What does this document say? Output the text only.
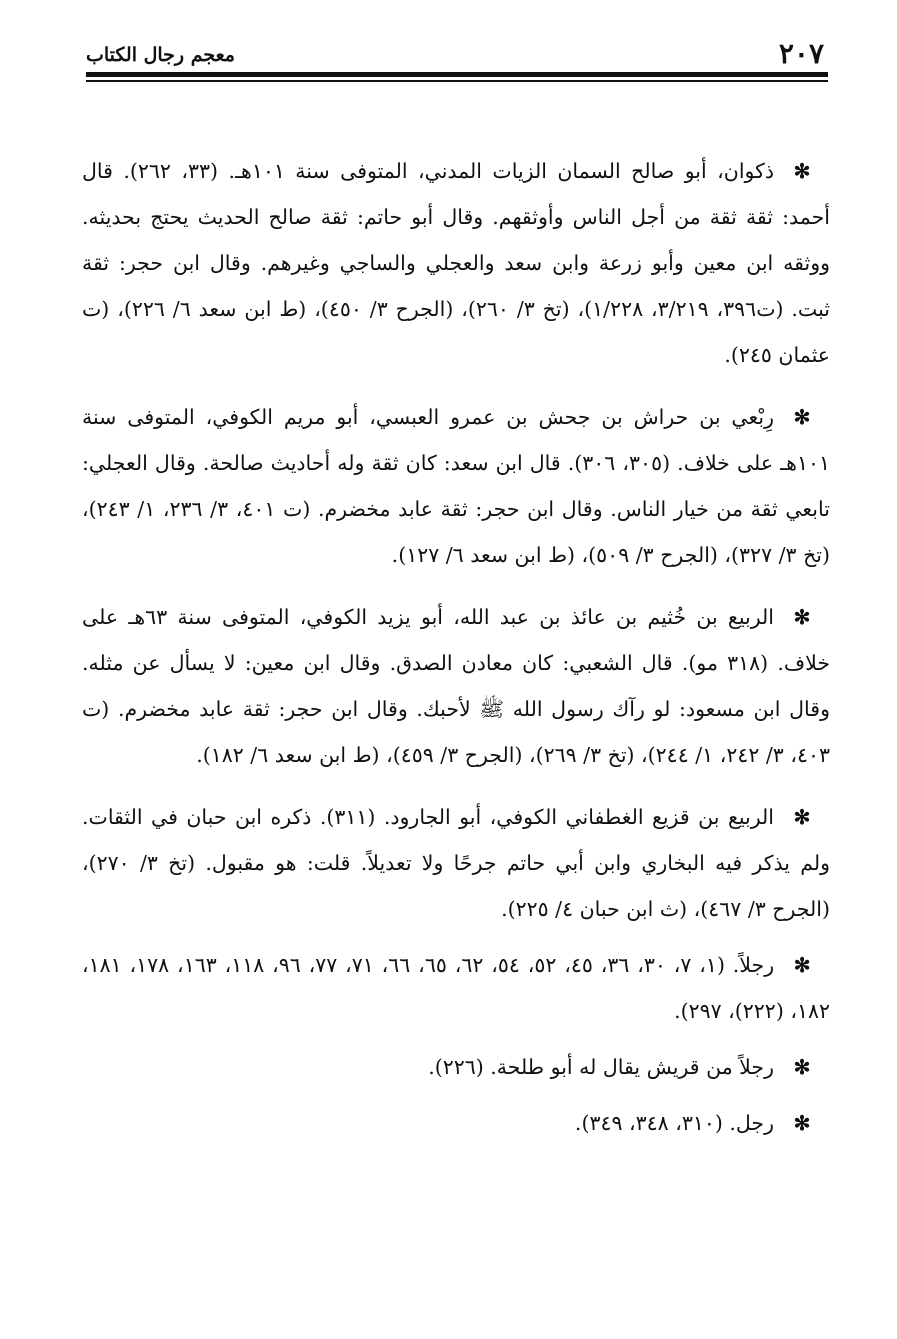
٢٠٧
معجم رجال الكتاب

✻ذكوان، أبو صالح السمان الزيات المدني، المتوفى سنة ١٠١هـ. (٣٣، ٢٦٢). قال أحمد: ثقة ثقة من أجل الناس وأوثقهم. وقال أبو حاتم: ثقة صالح الحديث يحتج بحديثه. ووثقه ابن معين وأبو زرعة وابن سعد والعجلي والساجي وغيرهم. وقال ابن حجر: ثقة ثبت. (ت٣٩٦، ٣/٢١٩، ١/٢٢٨)، (تخ ٣/ ٢٦٠)، (الجرح ٣/ ٤٥٠)، (ط ابن سعد ٦/ ٢٢٦)، (ت عثمان ٢٤٥).

✻رِبْعي بن حراش بن جحش بن عمرو العبسي، أبو مريم الكوفي، المتوفى سنة ١٠١هـ على خلاف. (٣٠٥، ٣٠٦). قال ابن سعد: كان ثقة وله أحاديث صالحة. وقال العجلي: تابعي ثقة من خيار الناس. وقال ابن حجر: ثقة عابد مخضرم. (ت ٤٠١، ٣/ ٢٣٦، ١/ ٢٤٣)، (تخ ٣/ ٣٢٧)، (الجرح ٣/ ٥٠٩)، (ط ابن سعد ٦/ ١٢٧).

✻الربيع بن خُثيم بن عائذ بن عبد الله، أبو يزيد الكوفي، المتوفى سنة ٦٣هـ على خلاف. (٣١٨ مو). قال الشعبي: كان معادن الصدق. وقال ابن معين: لا يسأل عن مثله. وقال ابن مسعود: لو رآك رسول الله ﷺ لأحبك. وقال ابن حجر: ثقة عابد مخضرم. (ت ٤٠٣، ٣/ ٢٤٢، ١/ ٢٤٤)، (تخ ٣/ ٢٦٩)، (الجرح ٣/ ٤٥٩)، (ط ابن سعد ٦/ ١٨٢).

✻الربيع بن قزيع الغطفاني الكوفي، أبو الجارود. (٣١١). ذكره ابن حبان في الثقات. ولم يذكر فيه البخاري وابن أبي حاتم جرحًا ولا تعديلاً. قلت: هو مقبول. (تخ ٣/ ٢٧٠)، (الجرح ٣/ ٤٦٧)، (ث ابن حبان ٤/ ٢٢٥).

✻رجلاً. (١، ٧، ٣٠، ٣٦، ٤٥، ٥٢، ٥٤، ٦٢، ٦٥، ٦٦، ٧١، ٧٧، ٩٦، ١١٨، ١٦٣، ١٧٨، ١٨١، ١٨٢، (٢٢٢)، ٢٩٧).

✻رجلاً من قريش يقال له أبو طلحة. (٢٢٦).

✻رجل. (٣١٠، ٣٤٨، ٣٤٩).
